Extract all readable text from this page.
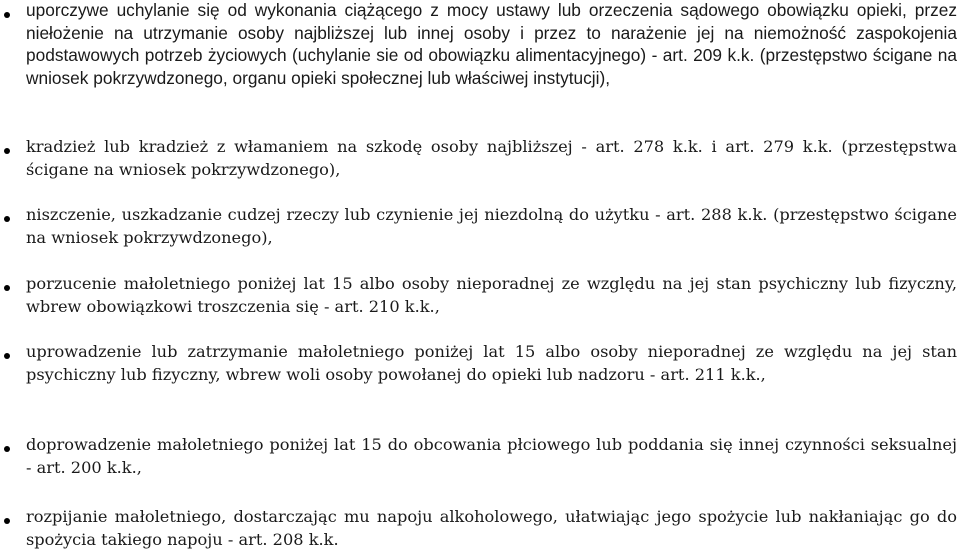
uporczywe uchylanie się od wykonania ciążącego z mocy ustawy lub orzeczenia sądowego obowiązku opieki, przez niełożenie na utrzymanie osoby najbliższej lub innej osoby i przez to narażenie jej na niemożność zaspokojenia podstawowych potrzeb życiowych (uchylanie sie od obowiązku alimentacyjnego) - art. 209 k.k. (przestępstwo ścigane na wniosek pokrzywdzonego, organu opieki społecznej lub właściwej instytucji),
kradzież lub kradzież z włamaniem na szkodę osoby najbliższej - art. 278 k.k. i art. 279 k.k. (przestępstwa ścigane na wniosek pokrzywdzonego),
niszczenie, uszkadzanie cudzej rzeczy lub czynienie jej niezdolną do użytku - art. 288 k.k. (przestępstwo ścigane na wniosek pokrzywdzonego),
porzucenie małoletniego poniżej lat 15 albo osoby nieporadnej ze względu na jej stan psychiczny lub fizyczny, wbrew obowiązkowi troszczenia się - art. 210 k.k.,
uprowadzenie lub zatrzymanie małoletniego poniżej lat 15 albo osoby nieporadnej ze względu na jej stan psychiczny lub fizyczny, wbrew woli osoby powołanej do opieki lub nadzoru - art. 211 k.k.,
doprowadzenie małoletniego poniżej lat 15 do obcowania płciowego lub poddania się innej czynności seksualnej - art. 200 k.k.,
rozpijanie małoletniego, dostarczając mu napoju alkoholowego, ułatwiając jego spożycie lub nakłaniając go do spożycia takiego napoju - art. 208 k.k.
